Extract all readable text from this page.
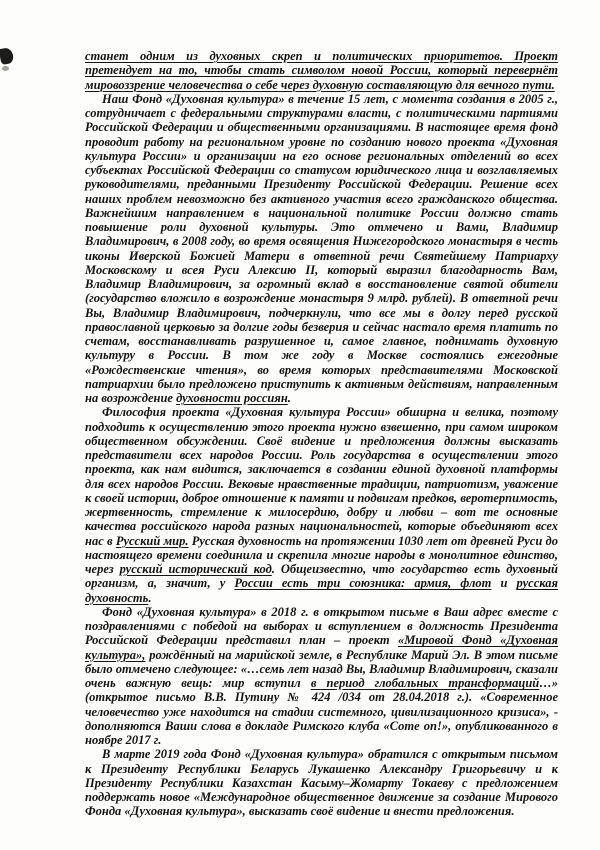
станет одним из духовных скреп и политических приоритетов. Проект претендует на то, чтобы стать символом новой России, который перевернёт мировоззрение человечества о себе через духовную составляющую для вечного пути.

Наш Фонд «Духовная культура» в течение 15 лет, с момента создания в 2005 г., сотрудничает с федеральными структурами власти, с политическими партиями Российской Федерации и общественными организациями. В настоящее время фонд проводит работу на региональном уровне по созданию нового проекта «Духовная культура России» и организации на его основе региональных отделений во всех субъектах Российской Федерации со статусом юридического лица и возглавляемых руководителями, преданными Президенту Российской Федерации. Решение всех наших проблем невозможно без активного участия всего гражданского общества. Важнейшим направлением в национальной политике России должно стать повышение роли духовной культуры. Это отмечено и Вами, Владимир Владимирович, в 2008 году, во время освящения Нижегородского монастыря в честь иконы Иверской Божией Матери в ответной речи Святейшему Патриарху Московскому и всея Руси Алексию II, который выразил благодарность Вам, Владимир Владимирович, за огромный вклад в восстановление святой обители (государство вложило в возрождение монастыря 9 млрд. рублей). В ответной речи Вы, Владимир Владимирович, подчеркнули, что все мы в долгу перед русской православной церковью за долгие годы безверия и сейчас настало время платить по счетам, восстанавливать разрушенное и, самое главное, поднимать духовную культуру в России. В том же году в Москве состоялись ежегодные «Рождественские чтения», во время которых представителями Московской патриархии было предложено приступить к активным действиям, направленным на возрождение духовности россиян.

Философия проекта «Духовная культура России» обширна и велика, поэтому подходить к осуществлению этого проекта нужно взвешенно, при самом широком общественном обсуждении. Своё видение и предложения должны высказать представители всех народов России. Роль государства в осуществлении этого проекта, как нам видится, заключается в создании единой духовной платформы для всех народов России. Вековые нравственные традиции, патриотизм, уважение к своей истории, доброе отношение к памяти и подвигам предков, веротерпимость, жертвенность, стремление к милосердию, добру и любви – вот те основные качества российского народа разных национальностей, которые объединяют всех нас в Русский мир. Русская духовность на протяжении 1030 лет от древней Руси до настоящего времени соединила и скрепила многие народы в монолитное единство, через русский исторический код. Общеизвестно, что государство есть духовный организм, а, значит, у России есть три союзника: армия, флот и русская духовность.

Фонд «Духовная культура» в 2018 г. в открытом письме в Ваш адрес вместе с поздравлениями с победой на выборах и вступлением в должность Президента Российской Федерации представил план – проект «Мировой Фонд «Духовная культура», рождённый на марийской земле, в Республике Марий Эл. В этом письме было отмечено следующее: «…семь лет назад Вы, Владимир Владимирович, сказали очень важную вещь: мир вступил в период глобальных трансформаций…» (открытое письмо В.В. Путину № 424 /034 от 28.04.2018 г.). «Современное человечество уже находится на стадии системного, цивилизационного кризиса», - дополняются Ваши слова в докладе Римского клуба «Come on!», опубликованного в ноябре 2017 г.

В марте 2019 года Фонд «Духовная культура» обратился с открытым письмом к Президенту Республики Беларусь Лукашенко Александру Григорьевичу и к Президенту Республики Казахстан Касыму–Жомарту Токаеву с предложением поддержать новое «Международное общественное движение за создание Мирового Фонда «Духовная культура», высказать своё видение и внести предложения.
